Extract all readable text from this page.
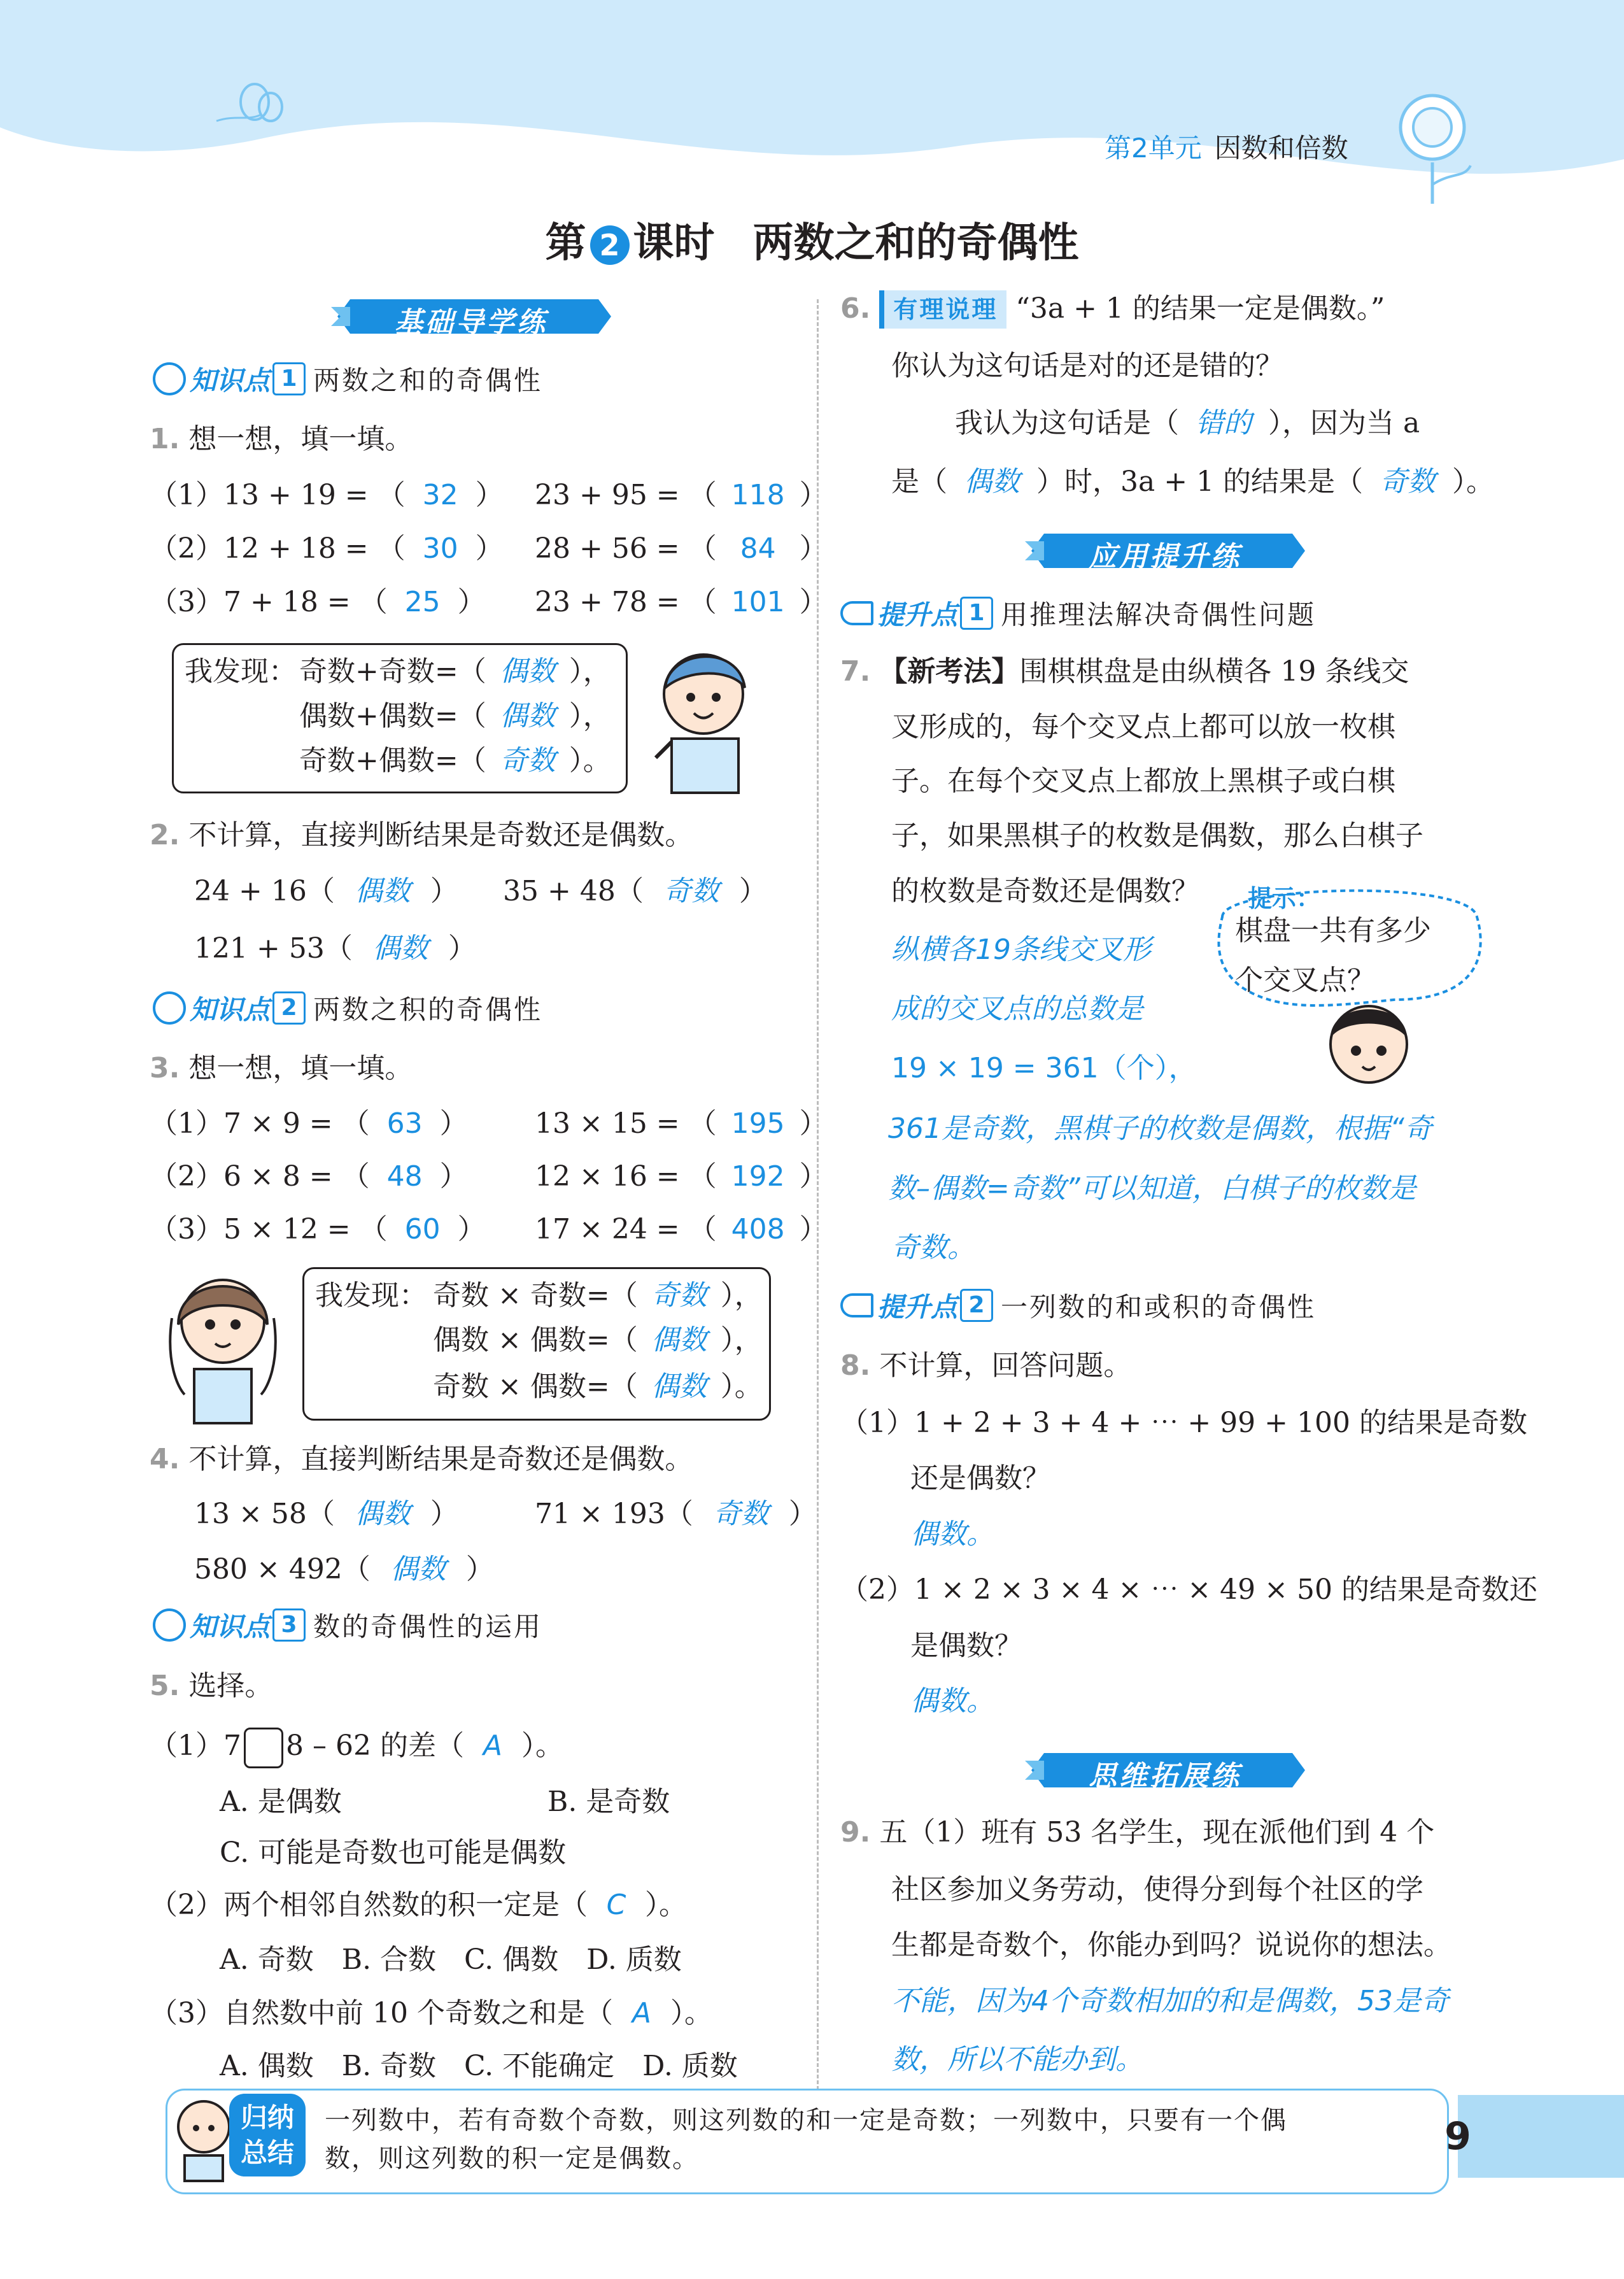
第2单元 因数和倍数
第 2 课时 两数之和的奇偶性
基础导学练
知识点 1 两数之和的奇偶性
1. 想一想，填一填。
（1）13 + 19 = （ 32 ） 23 + 95 = （ 118 ）
（2）12 + 18 = （ 30 ） 28 + 56 = （ 84 ）
（3）7 + 18 = （ 25 ） 23 + 78 = （ 101 ）
我发现： 奇数+奇数=（ 偶数 ），
偶数+偶数=（ 偶数 ），
奇数+偶数=（ 奇数 ）。
2. 不计算，直接判断结果是奇数还是偶数。
24 + 16（ 偶数 ） 35 + 48（ 奇数 ）
121 + 53（ 偶数 ）
知识点 2 两数之积的奇偶性
3. 想一想，填一填。
（1）7 × 9 = （ 63 ） 13 × 15 = （ 195 ）
（2）6 × 8 = （ 48 ） 12 × 16 = （ 192 ）
（3）5 × 12 = （ 60 ） 17 × 24 = （ 408 ）
我发现： 奇数 × 奇数=（ 奇数 ），
偶数 × 偶数=（ 偶数 ），
奇数 × 偶数=（ 偶数 ）。
4. 不计算，直接判断结果是奇数还是偶数。
13 × 58（ 偶数 ）	71 × 193（ 奇数 ）
580 × 492（ 偶数 ）
知识点 3 数的奇偶性的运用
5. 选择。
（1）7 8 – 62 的差（ A ）。
A. 是偶数	B. 是奇数
C. 可能是奇数也可能是偶数
（2）两个相邻自然数的积一定是（ C ）。
A. 奇数　B. 合数　C. 偶数　D. 质数
（3）自然数中前 10 个奇数之和是（ A ）。
A. 偶数　B. 奇数　C. 不能确定　D. 质数
6. 有理说理 “3a + 1 的结果一定是偶数。”
你认为这句话是对的还是错的？
我认为这句话是（ 错的 ），因为当 a
是（ 偶数 ）时，3a + 1 的结果是（ 奇数 ）。
应用提升练
提升点 1 用推理法解决奇偶性问题
7. 【新考法】围棋棋盘是由纵横各 19 条线交
叉形成的，每个交叉点上都可以放一枚棋
子。在每个交叉点上都放上黑棋子或白棋
子，如果黑棋子的枚数是偶数，那么白棋子
的枚数是奇数还是偶数？ 提示：
棋盘一共有多少
个交叉点？
纵横各19条线交叉形
成的交叉点的总数是
19 × 19 = 361（个），
361是奇数，黑棋子的枚数是偶数，根据“奇
数–偶数=奇数”可以知道，白棋子的枚数是
奇数。
提升点 2 一列数的和或积的奇偶性
8. 不计算，回答问题。
（1）1 + 2 + 3 + 4 + ⋯ + 99 + 100 的结果是奇数
还是偶数？
偶数。
（2）1 × 2 × 3 × 4 × ⋯ × 49 × 50 的结果是奇数还
是偶数？
偶数。
思维拓展练
9. 五（1）班有 53 名学生，现在派他们到 4 个
社区参加义务劳动，使得分到每个社区的学
生都是奇数个，你能办到吗？说说你的想法。
不能，因为4个奇数相加的和是偶数，53是奇
数，所以不能办到。
归纳
总结
一列数中，若有奇数个奇数，则这列数的和一定是奇数；一列数中，只要有一个偶
数，则这列数的积一定是偶数。	9
